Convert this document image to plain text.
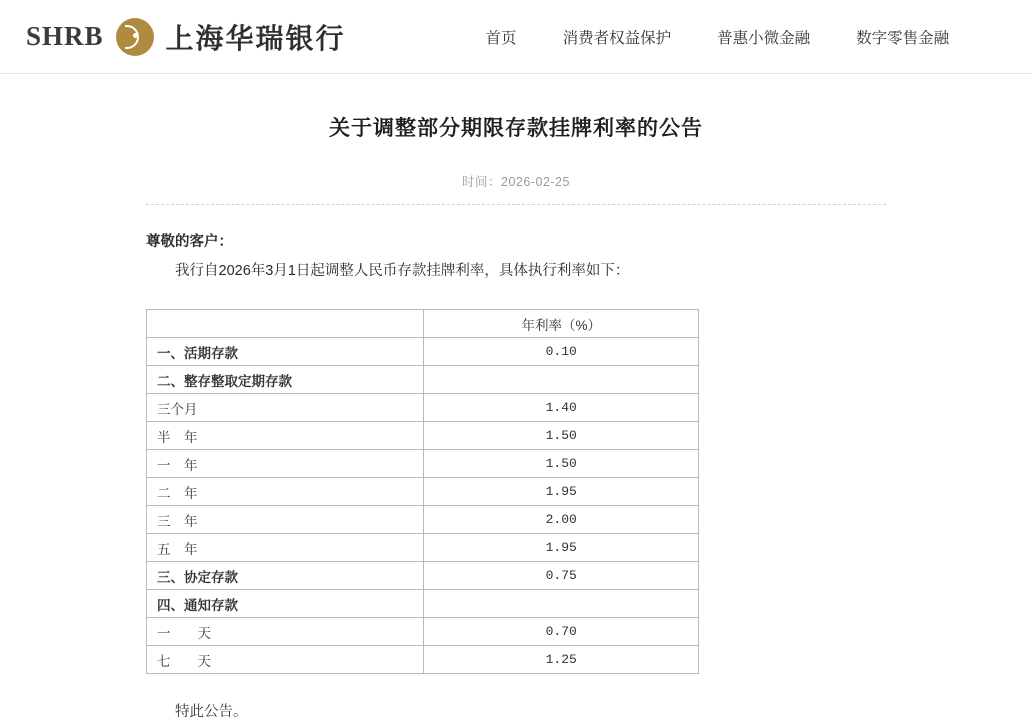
SHRB 上海华瑞银行	首页	消费者权益保护	普惠小微金融	数字零售金融
关于调整部分期限存款挂牌利率的公告
时间：2026-02-25

尊敬的客户：

我行自2026年3月1日起调整人民币存款挂牌利率，具体执行利率如下：

	年利率（%）
一、活期存款	0.10
二、整存整取定期存款	
三个月	1.40
半　年	1.50
一　年	1.50
二　年	1.95
三　年	2.00
五　年	1.95
三、协定存款	0.75
四、通知存款	
一　　天	0.70
七　　天	1.25

特此公告。
